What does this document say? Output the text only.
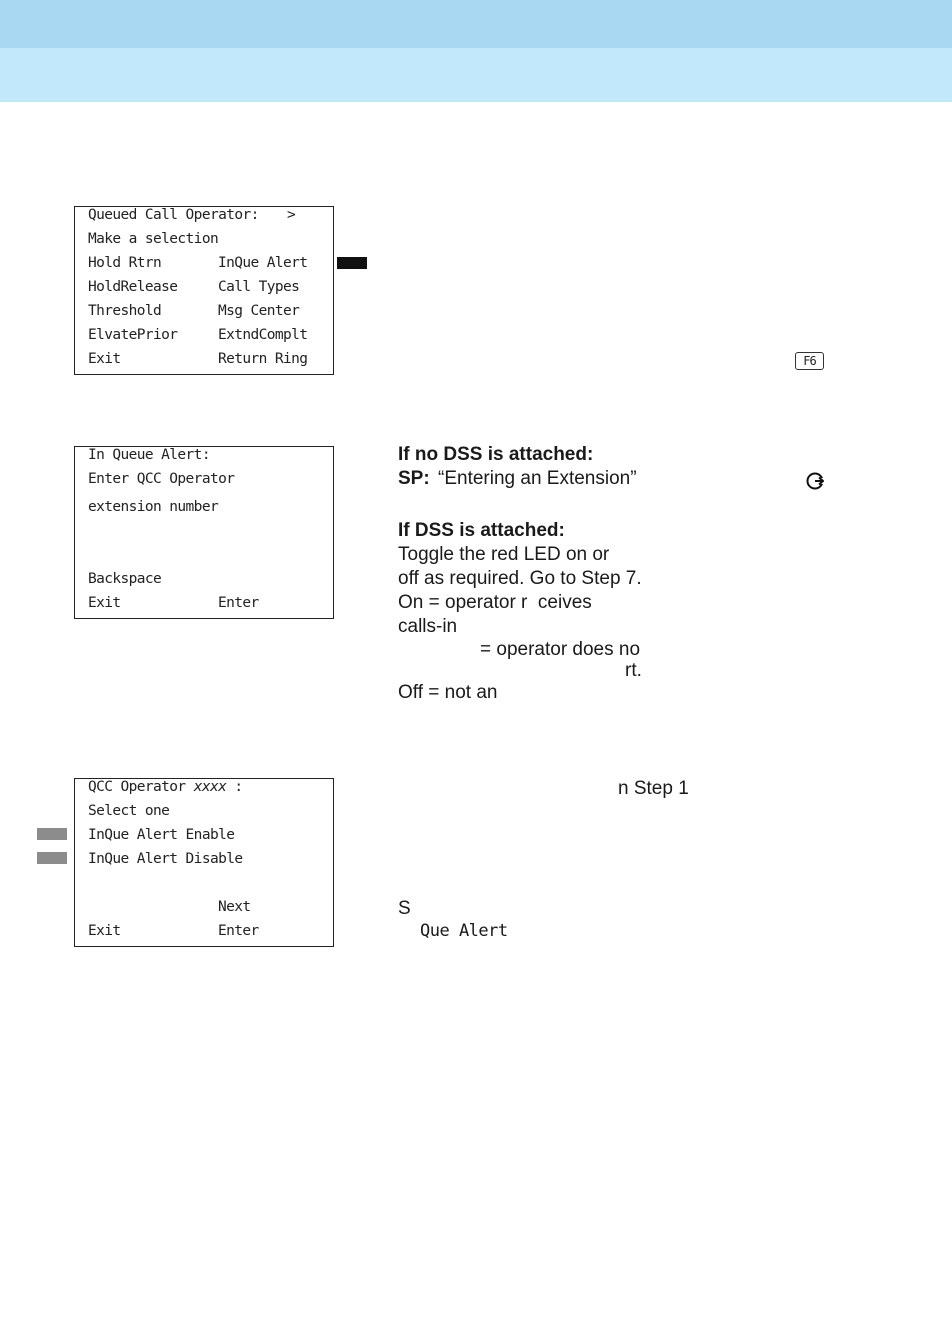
Queued Call Operator: >
Make a selection
Hold Rtrn	InQue Alert
HoldRelease	Call Types
Threshold	Msg Center
ElvatePrior	ExtndComplt
Exit	Return Ring	F6
In Queue Alert:
Enter QCC Operator
extension number
Backspace
Exit	Enter
If no DSS is attached:
SP: “Entering an Extension”
If DSS is attached:
Toggle the red LED on or
off as required. Go to Step 7.
On = operator r  ceives
calls-in
= operator does no
rt.
Off = not an
QCC Operator xxxx :
Select one
InQue Alert Enable
InQue Alert Disable
Next
Exit	Enter
n Step 1
S
Que Alert
